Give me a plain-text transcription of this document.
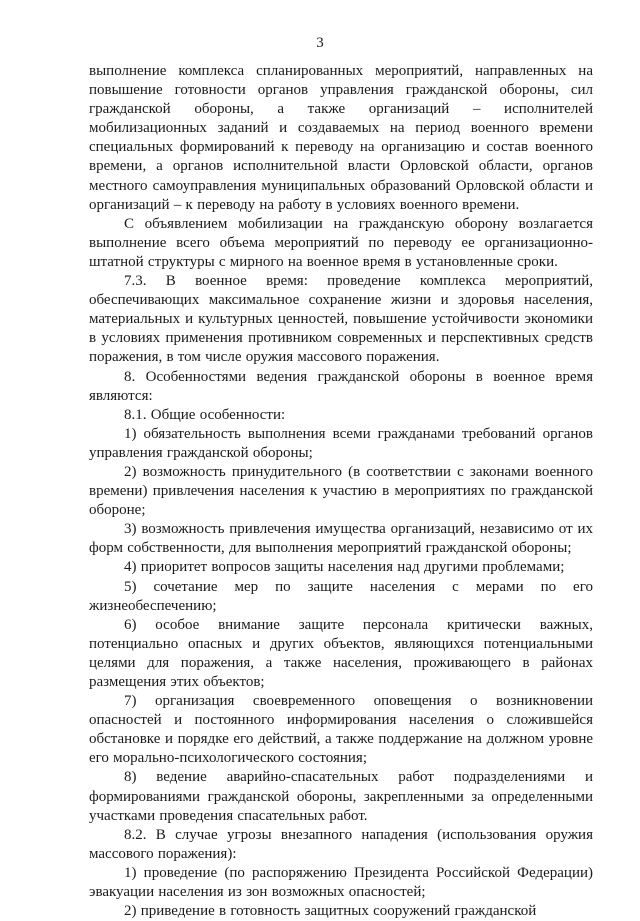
3

выполнение комплекса спланированных мероприятий, направленных на повышение готовности органов управления гражданской обороны, сил гражданской обороны, а также организаций – исполнителей мобилизационных заданий и создаваемых на период военного времени специальных формирований к переводу на организацию и состав военного времени, а органов исполнительной власти Орловской области, органов местного самоуправления муниципальных образований Орловской области и организаций – к переводу на работу в условиях военного времени.

С объявлением мобилизации на гражданскую оборону возлагается выполнение всего объема мероприятий по переводу ее организационно-штатной структуры с мирного на военное время в установленные сроки.

7.3. В военное время: проведение комплекса мероприятий, обеспечивающих максимальное сохранение жизни и здоровья населения, материальных и культурных ценностей, повышение устойчивости экономики в условиях применения противником современных и перспективных средств поражения, в том числе оружия массового поражения.

8. Особенностями ведения гражданской обороны в военное время являются:

8.1. Общие особенности:

1) обязательность выполнения всеми гражданами требований органов управления гражданской обороны;

2) возможность принудительного (в соответствии с законами военного времени) привлечения населения к участию в мероприятиях по гражданской обороне;

3) возможность привлечения имущества организаций, независимо от их форм собственности, для выполнения мероприятий гражданской обороны;

4) приоритет вопросов защиты населения над другими проблемами;

5) сочетание мер по защите населения с мерами по его жизнеобеспечению;

6) особое внимание защите персонала критически важных, потенциально опасных и других объектов, являющихся потенциальными целями для поражения, а также населения, проживающего в районах размещения этих объектов;

7) организация своевременного оповещения о возникновении опасностей и постоянного информирования населения о сложившейся обстановке и порядке его действий, а также поддержание на должном уровне его морально-психологического состояния;

8) ведение аварийно-спасательных работ подразделениями и формированиями гражданской обороны, закрепленными за определенными участками проведения спасательных работ.

8.2. В случае угрозы внезапного нападения (использования оружия массового поражения):

1) проведение (по распоряжению Президента Российской Федерации) эвакуации населения из зон возможных опасностей;

2) приведение в готовность защитных сооружений гражданской
